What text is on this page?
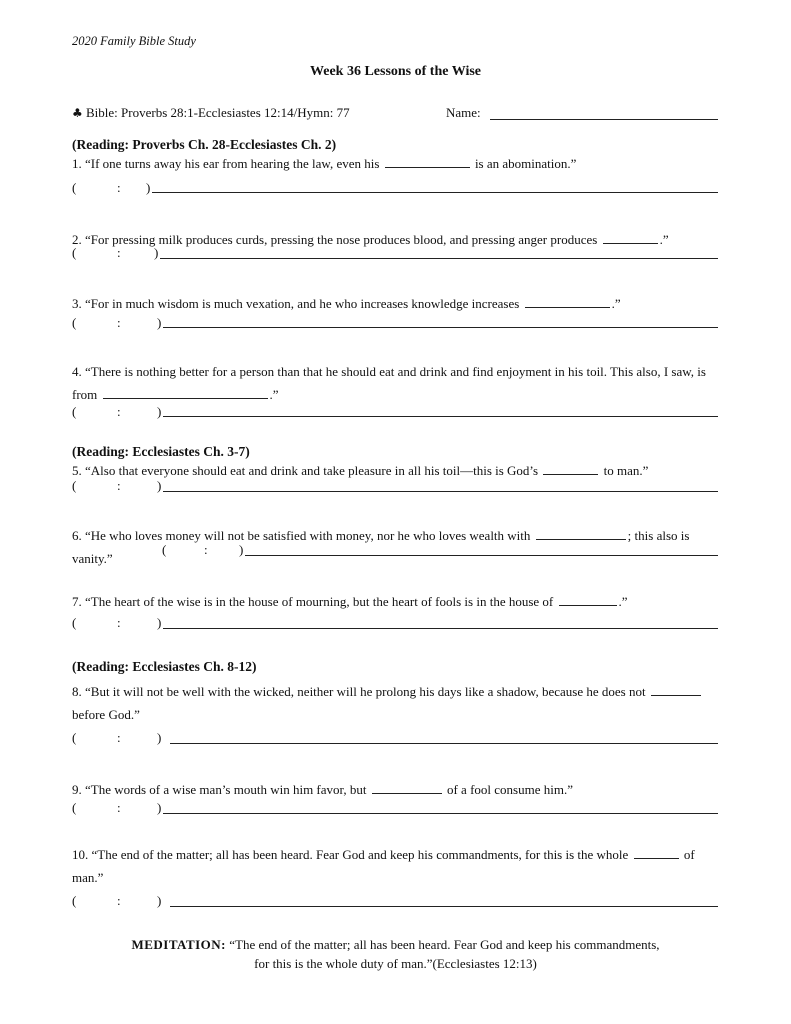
2020 Family Bible Study
Week 36 Lessons of the Wise
♣ Bible: Proverbs 28:1-Ecclesiastes 12:14/Hymn: 77	Name:
(Reading: Proverbs Ch. 28-Ecclesiastes Ch. 2)
1. “If one turns away his ear from hearing the law, even his	is an abomination.”
(	: )
2. “For pressing milk produces curds, pressing the nose produces blood, and pressing anger produces	.”
(	:	)
3. “For in much wisdom is much vexation, and he who increases knowledge increases	.”
(	:	)
4. “There is nothing better for a person than that he should eat and drink and find enjoyment in his toil. This also, I saw, is from	.”
(	:	)
(Reading: Ecclesiastes Ch. 3-7)
5. “Also that everyone should eat and drink and take pleasure in all his toil—this is God’s	to man.”
(	:	)
6. “He who loves money will not be satisfied with money, nor he who loves wealth with	; this also is vanity.”
(	: )
7. “The heart of the wise is in the house of mourning, but the heart of fools is in the house of	.”
(	:	)
(Reading: Ecclesiastes Ch. 8-12)
8. “But it will not be well with the wicked, neither will he prolong his days like a shadow, because he does not  before God.”
(	:	)
9. “The words of a wise man’s mouth win him favor, but	of a fool consume him.”
(	:	)
10. “The end of the matter; all has been heard. Fear God and keep his commandments, for this is the whole	of man.”
(	:	)
MEDITATION: “The end of the matter; all has been heard. Fear God and keep his commandments,
for this is the whole duty of man.”(Ecclesiastes 12:13)
